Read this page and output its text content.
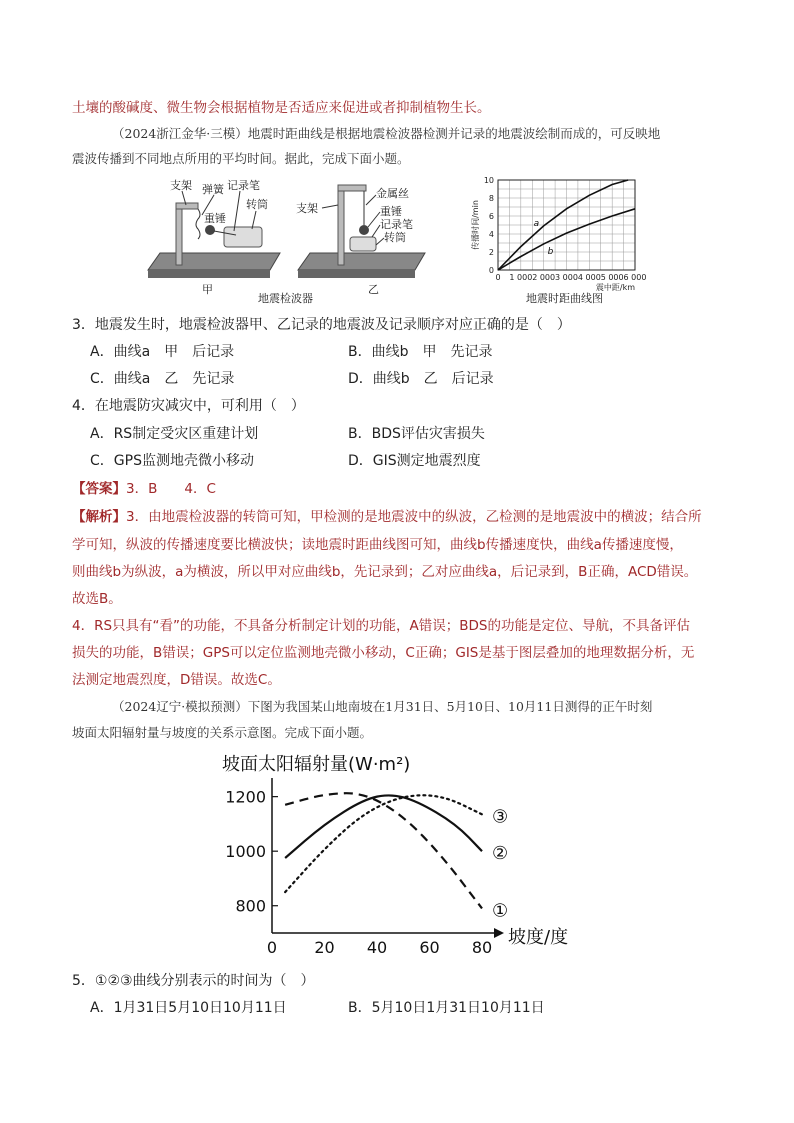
土壤的酸碱度、微生物会根据植物是否适应来促进或者抑制植物生长。
（2024浙江金华·三模）地震时距曲线是根据地震检波器检测并记录的地震波绘制而成的，可反映地
震波传播到不同地点所用的平均时间。据此，完成下面小题。
支架 弹簧 记录笔
重锤
转筒
甲
支架
金属丝
重锤
记录笔
转筒
乙
地震检波器
0 1 000 2 000 3 000 4 000 5 000 6 000
0
2
4
6
8
10
震中距/km
传播时间/min	a
b
地震时距曲线图
3．地震发生时，地震检波器甲、乙记录的地震波及记录顺序对应正确的是（　）
A．曲线a　甲　后记录	B．曲线b　甲　先记录
C．曲线a　乙　先记录	D．曲线b　乙　后记录
4．在地震防灾减灾中，可利用（　）
A．RS制定受灾区重建计划	B．BDS评估灾害损失
C．GPS监测地壳微小移动	D．GIS测定地震烈度
【答案】3．B　　4．C
【解析】3．由地震检波器的转筒可知，甲检测的是地震波中的纵波，乙检测的是地震波中的横波；结合所
学可知，纵波的传播速度要比横波快；读地震时距曲线图可知，曲线b传播速度快，曲线a传播速度慢，
则曲线b为纵波，a为横波，所以甲对应曲线b，先记录到；乙对应曲线a，后记录到，B正确，ACD错误。
故选B。
4．RS只具有“看”的功能，不具备分析制定计划的功能，A错误；BDS的功能是定位、导航，不具备评估
损失的功能，B错误；GPS可以定位监测地壳微小移动，C正确；GIS是基于图层叠加的地理数据分析，无
法测定地震烈度，D错误。故选C。
（2024辽宁·模拟预测）下图为我国某山地南坡在1月31日、5月10日、10月11日测得的正午时刻
坡面太阳辐射量与坡度的关系示意图。完成下面小题。
坡面太阳辐射量(W·m²)
800
1000
1200
0 20 40 60 80 坡度/度
①
②
③
5．①②③曲线分别表示的时间为（　）
A．1月31日5月10日10月11日	B．5月10日1月31日10月11日
